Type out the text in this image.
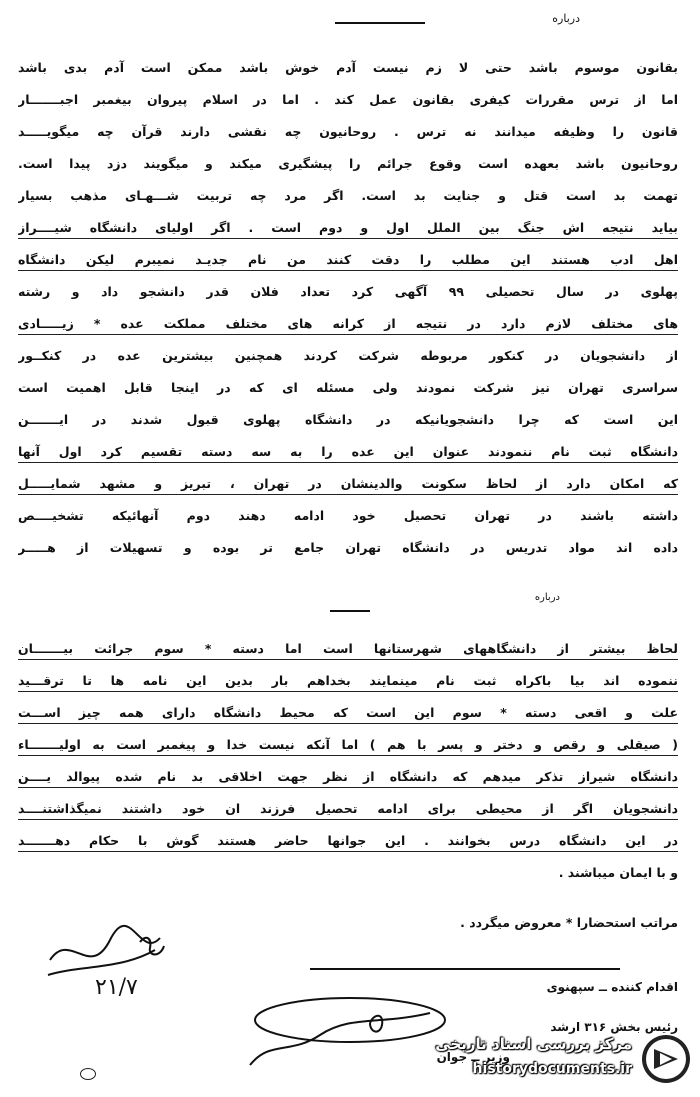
درباره
بقانون موسوم باشد حتی لا زم نیست آدم خوش باشد ممکن است آدم بدی باشد
اما از ترس مقررات کیفری بقانون عمل کند . اما در اسلام پیروان بیغمبر اجبـــــــار
قانون را وظیفه میدانند نه ترس . روحانیون چه نقشی دارند قرآن چه میگویـــــد
روحانیون باشد بعهده است وقوع جرائم را پیشگیری میکند و میگویند دزد پیدا است.
تهمت بد است قتل و جنایت بد است. اگر مرد چه تربیت شـــهـای مذهب بسیار
بیاید نتیجه اش جنگ بین الملل اول و دوم است . اگر اولیای دانشگاه شیــــراز
اهل ادب هستند این مطلب را دقت کنند من نام جدیـد نمیبرم لیکن دانشگاه
پهلوی در سال تحصیلی ۹۹ آگهی کرد تعداد فلان قدر دانشجو داد و رشته
های مختلف لازم دارد در نتیجه از کرانه های مختلف مملکت عده * زیـــــادی
از دانشجویان در کنکور مربوطه شرکت کردند همچنین بیشترین عده در کنکــور
سراسری تهران نیز شرکت نمودند ولی مسئله ای که در اینجا قابل اهمیت است
این است که چرا دانشجویانیکه در دانشگاه پهلوی قبول شدند در ایـــــــن
دانشگاه ثبت نام ننمودند عنوان این عده را به سه دسته تقسیم کرد اول آنها
که امکان دارد از لحاظ سکونت والدینشان در تهران ، تبریز و مشهد شمایـــــل
داشته باشند در تهران تحصیل خود ادامه دهند دوم آنهائیکه تشخیــــص
داده اند مواد تدریس در دانشگاه تهران جامع تر بوده و تسهیلات از هـــــر
درباره
لحاظ بیشتر از دانشگاههای شهرستانها است اما دسته * سوم جرائت بیـــــــان
ننموده اند بیا باکراه ثبت نام مینمایند بخداهم بار بدین این نامه ها تا ترقـــید
علت و اقعی دسته * سوم این است که محیط دانشگاه دارای همه چیز اســـت
( صیقلی و رقص و دختر و پسر با هم ) اما آنکه نیست خدا و پیغمبر است به اولیـــــــاء
دانشگاه شیراز تذکر میدهم که دانشگاه از نظر جهت اخلاقی بد نام شده پیوالد یــــن
دانشجویان اگر از محیطی برای ادامه تحصیل فرزند ان خود داشتند نمیگذاشتنــــد
در این دانشگاه درس بخوانند . این جوانها حاضر هستند گوش با حکام دهـــــــد
و با ایمان میباشند .
مراتب استحضارا * معروض میگردد .
۲۱/۷	اقدام کننده ــ سپهنوی
رئیس بخش ۳۱۶ ارشد
وزیر ــ جوان
مرکز بررسی اسناد تاریخی
historydocuments.ir
